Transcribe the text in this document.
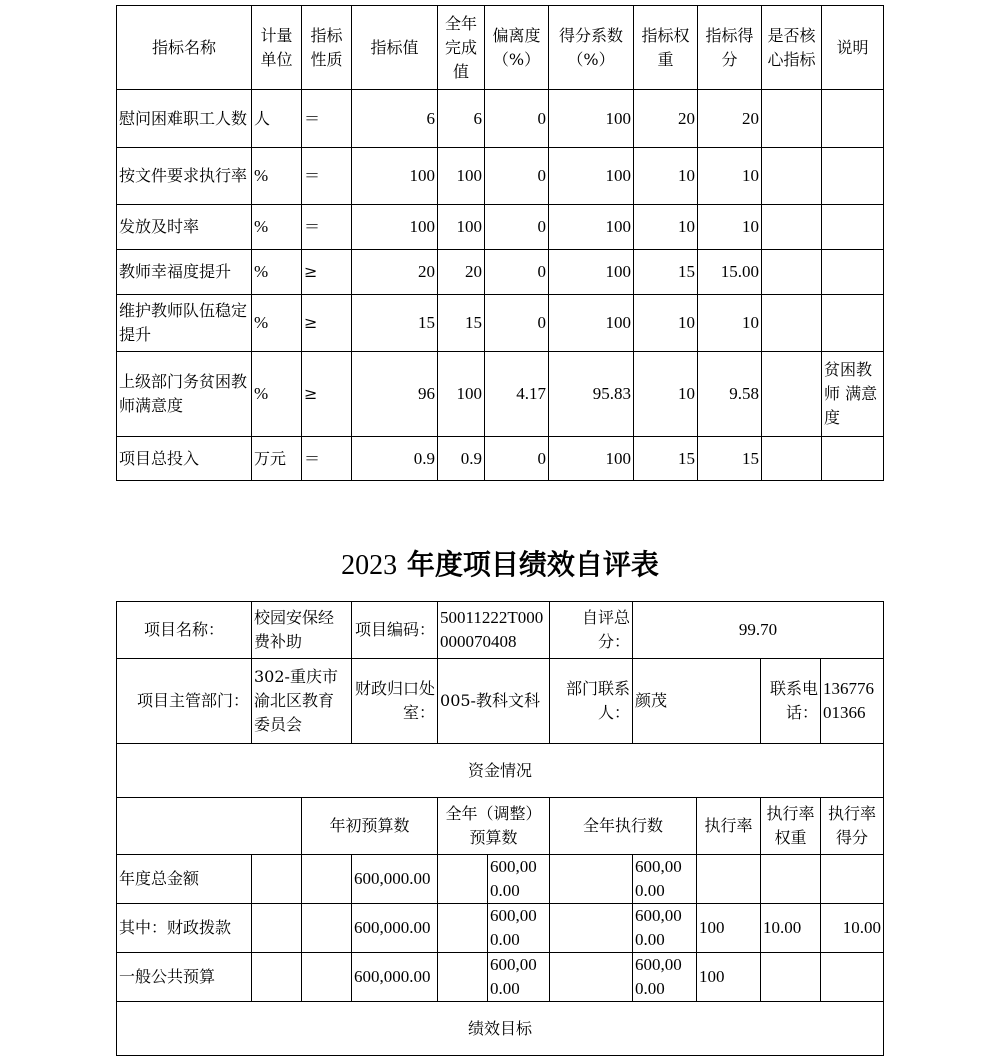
指标名称	计量单位	指标性质	指标值	全年完成值	偏离度（%）	得分系数（%）	指标权重	指标得分	是否核心指标	说明
慰问困难职工人数	人	＝	6	6	0	100	20	20		
按文件要求执行率	%	＝	100	100	0	100	10	10		
发放及时率	%	＝	100	100	0	100	10	10		
教师幸福度提升	%	≥	20	20	0	100	15	15.00		
维护教师队伍稳定提升	%	≥	15	15	0	100	10	10		
上级部门务贫困教师满意度	%	≥	96	100	4.17	95.83	10	9.58		贫困教师 满意度
项目总投入	万元	＝	0.9	0.9	0	100	15	15		
2023 年度项目绩效自评表
项目名称：	校园安保经费补助		项目编码：	50011222T000000070408		自评总分：	99.70			
项目主管部门：	302-重庆市渝北区教育委员会		财政归口处室：	005-教科文科		部门联系人：	颜茂		联系电话：	13677601366
资金情况										
		年初预算数		全年（调整）预算数		全年执行数		执行率	执行率权重	执行率得分
年度总金额			600,000.00		600,000.00		600,000.00			
其中：财政拨款			600,000.00		600,000.00		600,000.00	100	10.00	10.00
一般公共预算			600,000.00		600,000.00		600,000.00	100		
绩效目标										
